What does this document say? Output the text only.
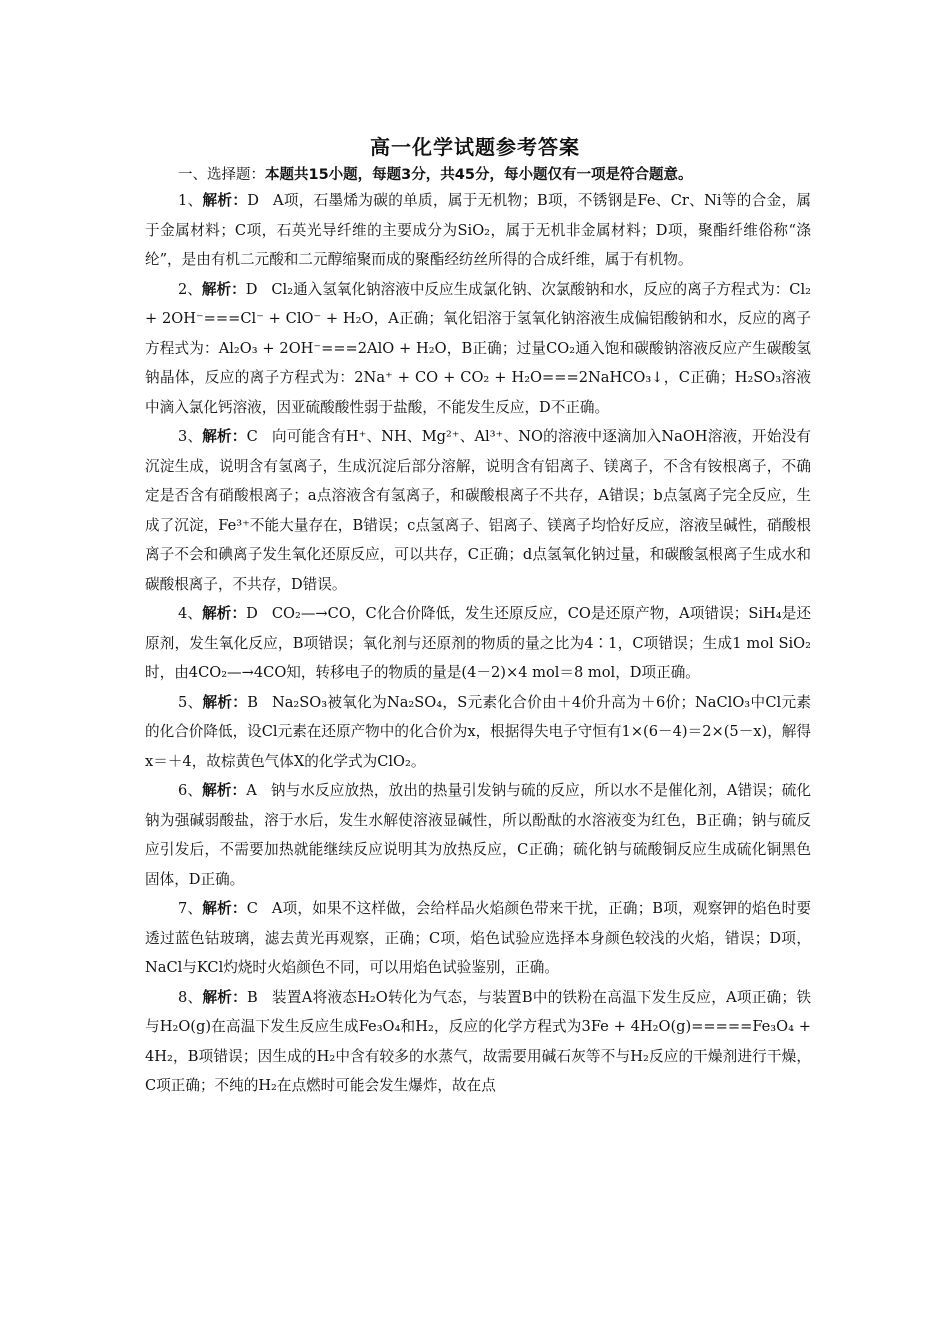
高一化学试题参考答案
一、选择题：本题共15小题，每题3分，共45分，每小题仅有一项是符合题意。

1、解析：D A项，石墨烯为碳的单质，属于无机物；B项，不锈钢是Fe、Cr、Ni等的合金，属于金属材料；C项，石英光导纤维的主要成分为SiO₂，属于无机非金属材料；D项，聚酯纤维俗称“涤纶”，是由有机二元酸和二元醇缩聚而成的聚酯经纺丝所得的合成纤维，属于有机物。

2、解析：D Cl₂通入氢氧化钠溶液中反应生成氯化钠、次氯酸钠和水，反应的离子方程式为：Cl₂ + 2OH⁻===Cl⁻ + ClO⁻ + H₂O，A正确；氧化铝溶于氢氧化钠溶液生成偏铝酸钠和水，反应的离子方程式为：Al₂O₃ + 2OH⁻===2AlO + H₂O，B正确；过量CO₂通入饱和碳酸钠溶液反应产生碳酸氢钠晶体，反应的离子方程式为：2Na⁺ + CO + CO₂ + H₂O===2NaHCO₃↓，C正确；H₂SO₃溶液中滴入氯化钙溶液，因亚硫酸酸性弱于盐酸，不能发生反应，D不正确。

3、解析：C 向可能含有H⁺、NH、Mg²⁺、Al³⁺、NO的溶液中逐滴加入NaOH溶液，开始没有沉淀生成，说明含有氢离子，生成沉淀后部分溶解，说明含有铝离子、镁离子，不含有铵根离子，不确定是否含有硝酸根离子；a点溶液含有氢离子，和碳酸根离子不共存，A错误；b点氢离子完全反应，生成了沉淀，Fe³⁺不能大量存在，B错误；c点氢离子、铝离子、镁离子均恰好反应，溶液呈碱性，硝酸根离子不会和碘离子发生氧化还原反应，可以共存，C正确；d点氢氧化钠过量，和碳酸氢根离子生成水和碳酸根离子，不共存，D错误。

4、解析：D CO₂—→CO，C化合价降低，发生还原反应，CO是还原产物，A项错误；SiH₄是还原剂，发生氧化反应，B项错误；氧化剂与还原剂的物质的量之比为4∶1，C项错误；生成1 mol SiO₂时，由4CO₂—→4CO知，转移电子的物质的量是(4－2)×4 mol＝8 mol，D项正确。

5、解析：B Na₂SO₃被氧化为Na₂SO₄，S元素化合价由＋4价升高为＋6价；NaClO₃中Cl元素的化合价降低，设Cl元素在还原产物中的化合价为x，根据得失电子守恒有1×(6－4)＝2×(5－x)，解得x＝＋4，故棕黄色气体X的化学式为ClO₂。

6、解析：A 钠与水反应放热，放出的热量引发钠与硫的反应，所以水不是催化剂，A错误；硫化钠为强碱弱酸盐，溶于水后，发生水解使溶液显碱性，所以酚酞的水溶液变为红色，B正确；钠与硫反应引发后，不需要加热就能继续反应说明其为放热反应，C正确；硫化钠与硫酸铜反应生成硫化铜黑色固体，D正确。

7、解析：C A项，如果不这样做，会给样品火焰颜色带来干扰，正确；B项，观察钾的焰色时要透过蓝色钴玻璃，滤去黄光再观察，正确；C项，焰色试验应选择本身颜色较浅的火焰，错误；D项，NaCl与KCl灼烧时火焰颜色不同，可以用焰色试验鉴别，正确。

8、解析：B 装置A将液态H₂O转化为气态，与装置B中的铁粉在高温下发生反应，A项正确；铁与H₂O(g)在高温下发生反应生成Fe₃O₄和H₂，反应的化学方程式为3Fe + 4H₂O(g)=====Fe₃O₄ + 4H₂，B项错误；因生成的H₂中含有较多的水蒸气，故需要用碱石灰等不与H₂反应的干燥剂进行干燥，C项正确；不纯的H₂在点燃时可能会发生爆炸，故在点
